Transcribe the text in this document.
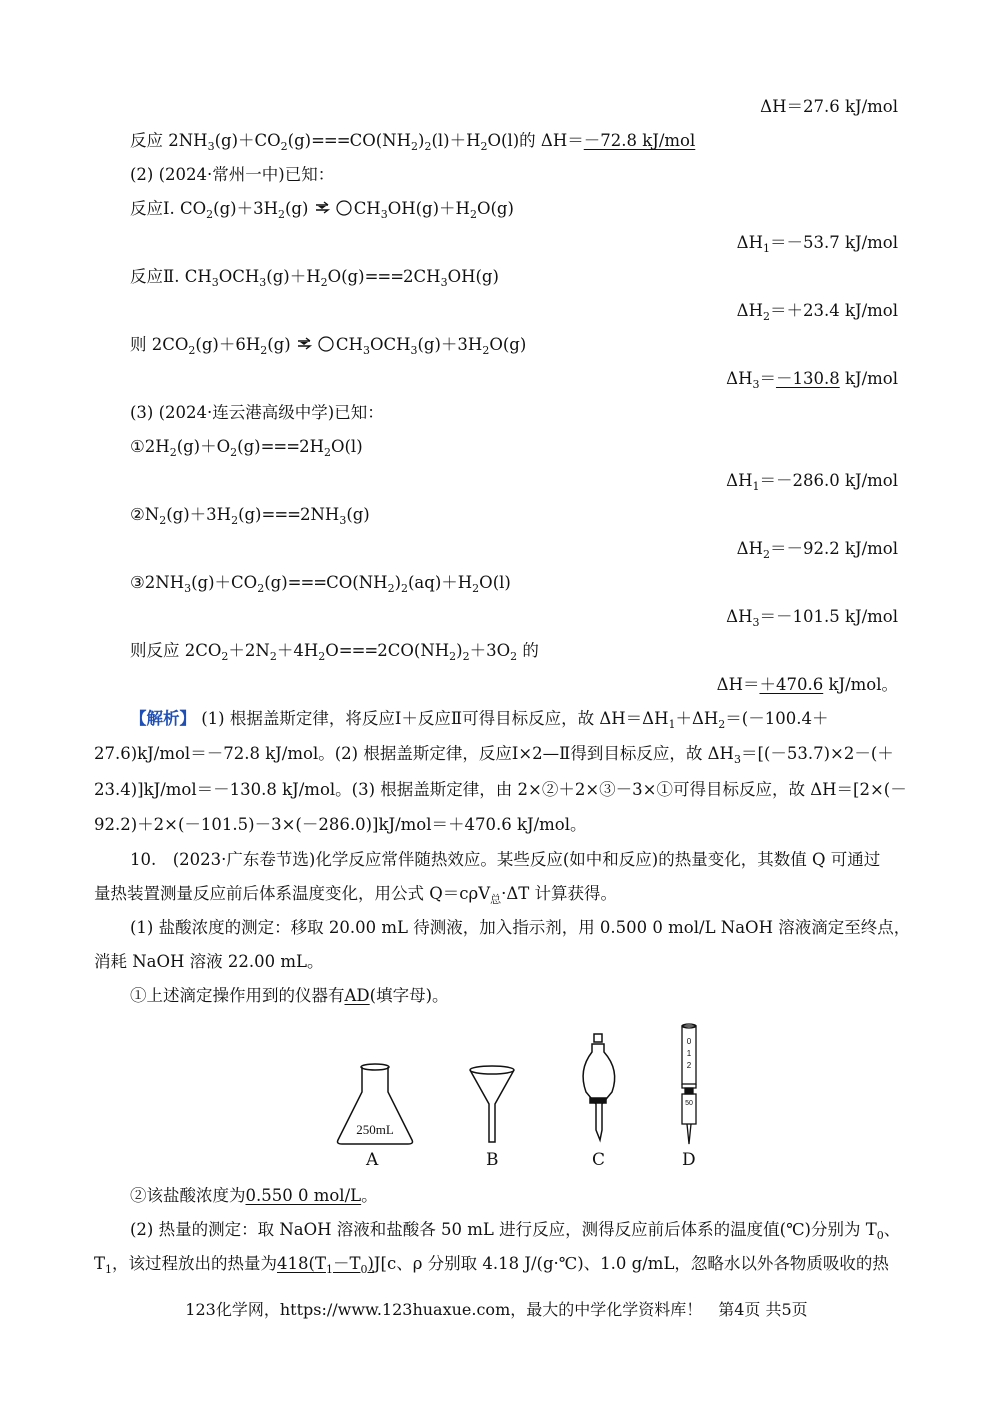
ΔH＝27.6 kJ/mol
反应 $2NH_3(g)+CO_2(g)===CO(NH_2)_2(l)+H_2O(l)$的 ΔH＝－72.8 kJ/mol
(2) (2024·常州一中)已知：
反应Ⅰ. $CO_2(g)+3H_2(g)$	$CH_3OH(g)+H_2O(g)$
$\Delta H_1=-53.7$ kJ/mol
反应Ⅱ. $CH_3OCH_3(g)+H_2O(g)===2CH_3OH(g)$
$\Delta H_2=+23.4$ kJ/mol
则 $2CO_2(g)+6H_2(g)$	$CH_3OCH_3(g)+3H_2O(g)$
$\Delta H_3=-130.8$ kJ/mol
(3) (2024·连云港高级中学)已知：
$①2H_2(g)+O_2(g)===2H_2O(l)$
$\Delta H_1=-286.0$ kJ/mol
$②N_2(g)+3H_2(g)===2NH_3(g)$
$\Delta H_2=-92.2$ kJ/mol
$③2NH_3(g)+CO_2(g)===CO(NH_2)_2(aq)+H_2O(l)$
$\Delta H_3=-101.5$ kJ/mol
则反应 $2CO_2+2N_2+4H_2O===2CO(NH_2)_2+3O_2$ 的
ΔH＝＋470.6 kJ/mol。
【解析】 (1) 根据盖斯定律，将反应Ⅰ＋反应Ⅱ可得目标反应，故 $\Delta H=\Delta H_1+\Delta H_2=(-100.4+$
27.6)kJ/mol＝－72.8 kJ/mol。(2) 根据盖斯定律，反应Ⅰ×2—Ⅱ得到目标反应，故 $\Delta H_3=[(-53.7)\times 2-(+$
23.4)]kJ/mol＝－130.8 kJ/mol。(3) 根据盖斯定律，由 2×②＋2×③－3×①可得目标反应，故 ΔH＝[2×(－
92.2)＋2×(－101.5)－3×(－286.0)]kJ/mol＝＋470.6 kJ/mol。
10.　(2023·广东卷节选)化学反应常伴随热效应。某些反应(如中和反应)的热量变化，其数值 Q 可通过
量热装置测量反应前后体系温度变化，用公式 Q＝cρV$_总$·ΔT 计算获得。
(1) 盐酸浓度的测定：移取 20.00 mL 待测液，加入指示剂，用 0.500 0 mol/L NaOH 溶液滴定至终点，
消耗 NaOH 溶液 22.00 mL。
①上述滴定操作用到的仪器有AD(填字母)。
250mL
0
1
2
50
A	B	C	D
②该盐酸浓度为0.550 0 mol/L。
(2) 热量的测定：取 NaOH 溶液和盐酸各 50 mL 进行反应，测得反应前后体系的温度值(℃)分别为 $T_0$、
$T_1$，该过程放出的热量为$418(T_1-T_0)J[c$、ρ 分别取 4.18 J/(g·℃)、1.0 g/mL，忽略水以外各物质吸收的热
123化学网，https://www.123huaxue.com，最大的中学化学资料库！　第4页 共5页
